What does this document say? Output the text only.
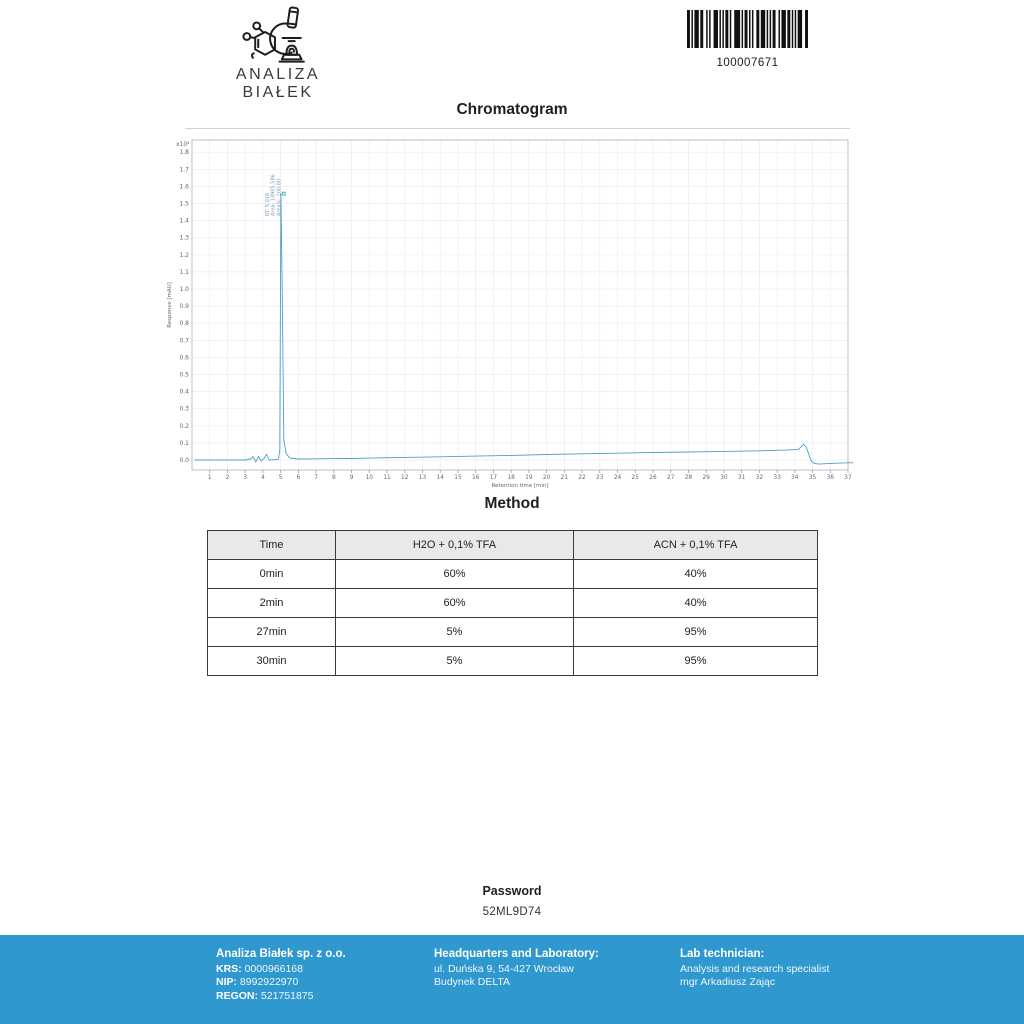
ANALIZA BIAŁEK
100007671
Chromatogram
0.0
0.1
0.2
0.3
0.4
0.5
0.6
0.7
0.8
0.9
1.0
1.1
1.2
1.3
1.4
1.5
1.6
1.7
1.8
x10²
1 2 3 4 5 6 7 8 9 10 11 12 13 14 15 16 17 18 19 20 21 22 23 24 25 26 27 28 29 30 31 32 33 34 35 36 37
Retention time [min]
Response [mAU]
RT: 5.016 Area: 14905.586 Area%: 100.00
Method
Time	H2O + 0,1% TFA	ACN + 0,1% TFA
0min	60%	40%
2min	60%	40%
27min	5%	95%
30min	5%	95%
Password
52ML9D74
Analiza Białek sp. z o.o.
KRS: 0000966168
NIP: 8992922970
REGON: 521751875
Headquarters and Laboratory:
ul. Duńska 9, 54-427 Wrocław
Budynek DELTA
Lab technician:
Analysis and research specialist
mgr Arkadiusz Zając
